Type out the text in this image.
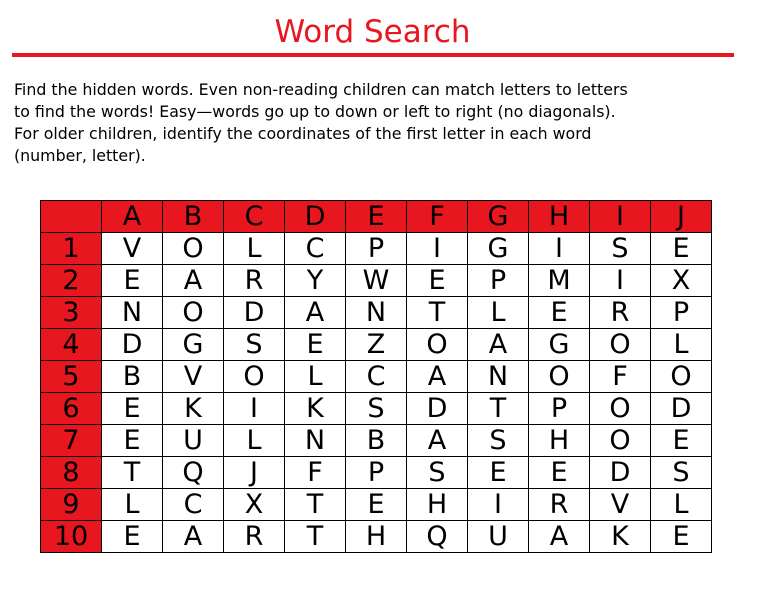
Word Search

Find the hidden words. Even non-reading children can match letters to letters
to find the words! Easy—words go up to down or left to right (no diagonals).
For older children, identify the coordinates of the first letter in each word
(number, letter).

	A	B	C	D	E	F	G	H	I	J
1	V	O	L	C	P	I	G	I	S	E
2	E	A	R	Y	W	E	P	M	I	X
3	N	O	D	A	N	T	L	E	R	P
4	D	G	S	E	Z	O	A	G	O	L
5	B	V	O	L	C	A	N	O	F	O
6	E	K	I	K	S	D	T	P	O	D
7	E	U	L	N	B	A	S	H	O	E
8	T	Q	J	F	P	S	E	E	D	S
9	L	C	X	T	E	H	I	R	V	L
10	E	A	R	T	H	Q	U	A	K	E
